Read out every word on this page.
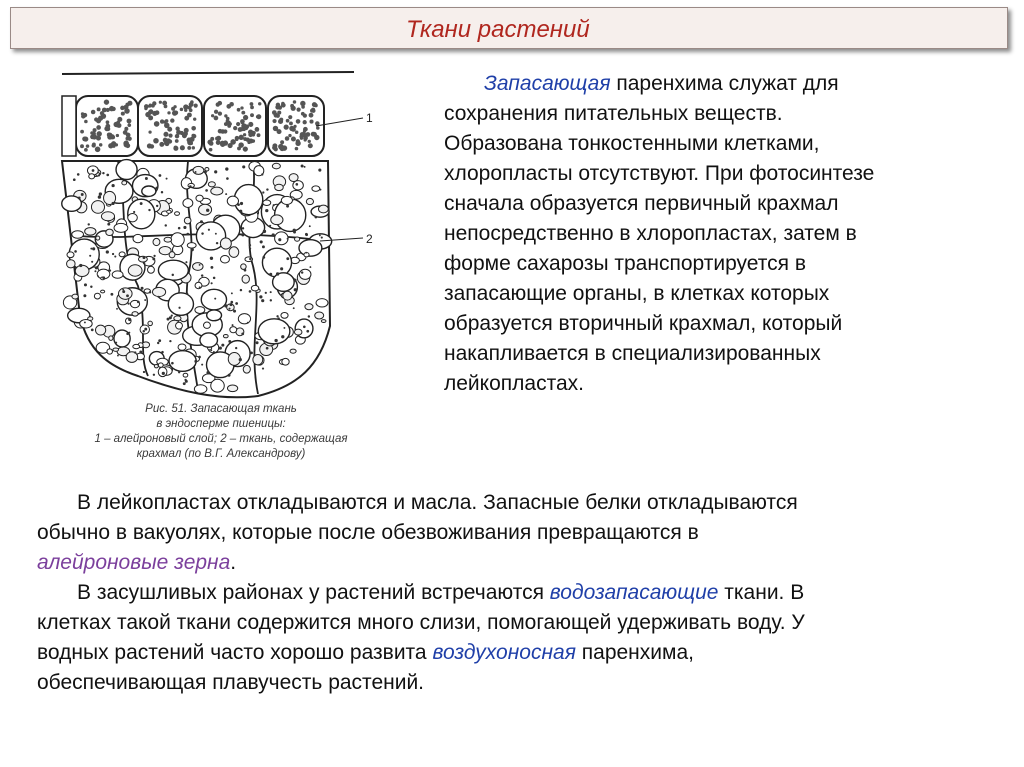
Ткани растений
1
2
Рис. 51. Запасающая ткань
в эндосперме пшеницы:
1 – алейроновый слой; 2 – ткань, содержащая
крахмал (по В.Г. Александрову)
Запасающая паренхима служат для
сохранения питательных веществ.
Образована тонкостенными клетками,
хлоропласты отсутствуют. При фотосинтезе
сначала образуется первичный крахмал
непосредственно в хлоропластах, затем в
форме сахарозы транспортируется в
запасающие органы, в клетках которых
образуется вторичный крахмал, который
накапливается в специализированных
лейкопластах.
В лейкопластах откладываются и масла. Запасные белки откладываются
обычно в вакуолях, которые после обезвоживания превращаются в
алейроновые зерна.
В засушливых районах у растений встречаются водозапасающие ткани. В
клетках такой ткани содержится много слизи, помогающей удерживать воду. У
водных растений часто хорошо развита воздухоносная паренхима,
обеспечивающая плавучесть растений.
